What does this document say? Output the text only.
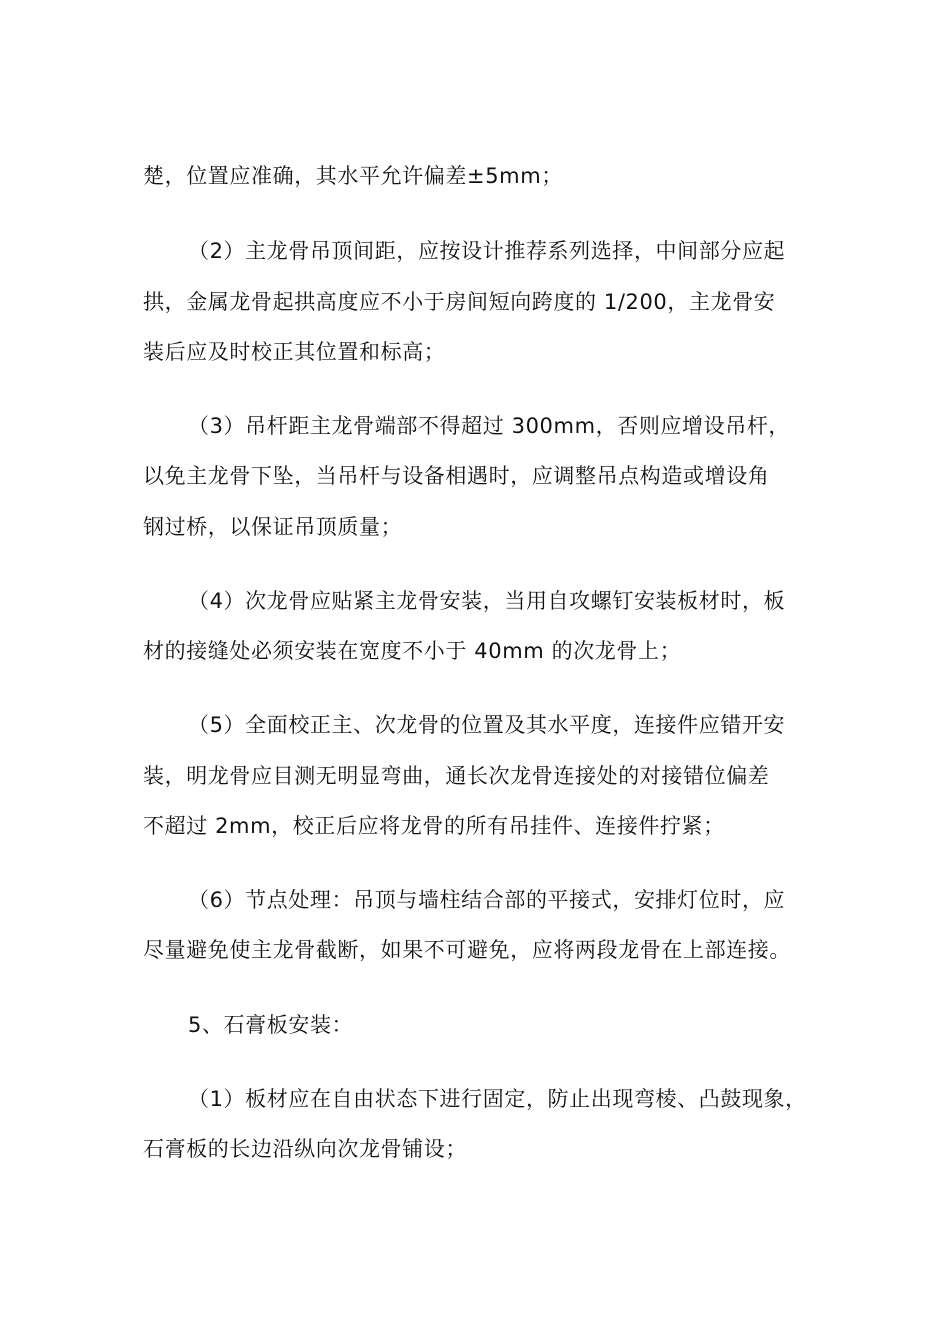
楚，位置应准确，其水平允许偏差±5mm；
（2）主龙骨吊顶间距，应按设计推荐系列选择，中间部分应起
拱，金属龙骨起拱高度应不小于房间短向跨度的 1/200，主龙骨安
装后应及时校正其位置和标高；
（3）吊杆距主龙骨端部不得超过 300mm，否则应增设吊杆，
以免主龙骨下坠，当吊杆与设备相遇时，应调整吊点构造或增设角
钢过桥，以保证吊顶质量；
（4）次龙骨应贴紧主龙骨安装，当用自攻螺钉安装板材时，板
材的接缝处必须安装在宽度不小于 40mm 的次龙骨上；
（5）全面校正主、次龙骨的位置及其水平度，连接件应错开安
装，明龙骨应目测无明显弯曲，通长次龙骨连接处的对接错位偏差
不超过 2mm，校正后应将龙骨的所有吊挂件、连接件拧紧；
（6）节点处理：吊顶与墙柱结合部的平接式，安排灯位时，应
尽量避免使主龙骨截断，如果不可避免，应将两段龙骨在上部连接。
5、石膏板安装：
（1）板材应在自由状态下进行固定，防止出现弯棱、凸鼓现象，
石膏板的长边沿纵向次龙骨铺设；
